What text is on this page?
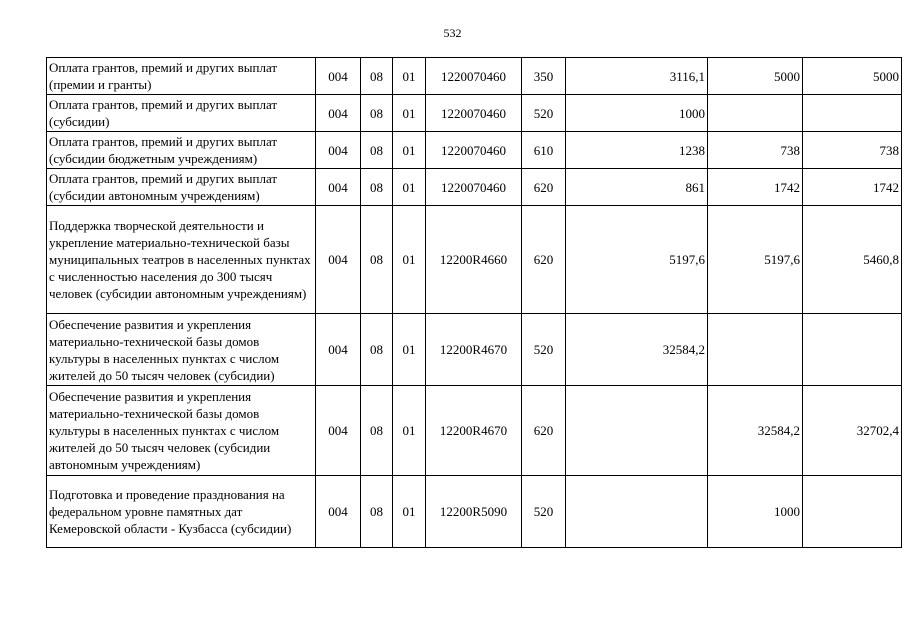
532
Оплата грантов, премий и других выплат (премии и гранты)	004	08	01	1220070460	350	3116,1	5000	5000
Оплата грантов, премий и других выплат (субсидии)	004	08	01	1220070460	520	1000		
Оплата грантов, премий и других выплат (субсидии бюджетным учреждениям)	004	08	01	1220070460	610	1238	738	738
Оплата грантов, премий и других выплат (субсидии автономным учреждениям)	004	08	01	1220070460	620	861	1742	1742
Поддержка творческой деятельности и укрепление материально-технической базы муниципальных театров в населенных пунктах с численностью населения до 300 тысяч человек (субсидии автономным учреждениям)	004	08	01	12200R4660	620	5197,6	5197,6	5460,8
Обеспечение развития и укрепления материально-технической базы домов культуры в населенных пунктах с числом жителей до 50 тысяч человек (субсидии)	004	08	01	12200R4670	520	32584,2		
Обеспечение развития и укрепления материально-технической базы домов культуры в населенных пунктах с числом жителей до 50 тысяч человек (субсидии автономным учреждениям)	004	08	01	12200R4670	620		32584,2	32702,4
Подготовка и проведение празднования на федеральном уровне памятных дат Кемеровской области - Кузбасса (субсидии)	004	08	01	12200R5090	520		1000	
